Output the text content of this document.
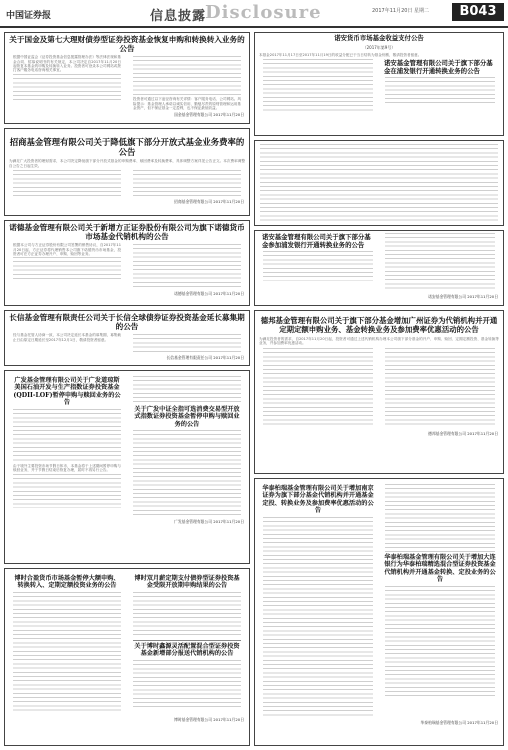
中国证券报	信息披露
Disclosure	2017年11月20日 星期二	B043
关于国金及第七大理财债券型证券投资基金恢复申购和转换转入业务的公告

根据中国证监会《证券投资基金信息披露管理办法》等法律法规和基金合同、招募说明书的有关规定，本公司决定自2017年11月20日起恢复本基金的申购及转换转入业务。投资者可登录本公司网站或拨打客户服务电话咨询相关事宜。

投资者可通过以下途径咨询有关详情：客户服务电话、公司网站。风险提示：基金管理人承诺以诚实信用、勤勉尽责的原则管理和运用基金资产，但不保证基金一定盈利，也不保证最低收益。

国金基金管理有限公司 2017年11月20日
招商基金管理有限公司关于降低旗下部分开放式基金业务费率的公告

为满足广大投资者的理财需求，本公司决定降低旗下部分开放式基金的申购费率、赎回费率及转换费率，具体调整方案详见公告正文。本次费率调整自公告之日起生效。

招商基金管理有限公司 2017年11月20日
诺德基金管理有限公司关于新增方正证券股份有限公司为旗下诺德货币市场基金代销机构的公告

根据本公司与方正证券股份有限公司签署的销售协议，自2017年11月20日起，方正证券将代理销售本公司旗下诺德货币市场基金，投资者可在方正证券办理开户、申购、赎回等业务。

诺德基金管理有限公司 2017年11月20日
诺安货币市场基金收益支付公告
（2017年第9号）

本基金2017年11月17日至2017年11月19日的收益分配已于当日结转为基金份额，敬请投资者留意。

诺安基金管理有限公司关于旗下部分基金在浦发银行开通转换业务的公告
诺安基金管理有限公司关于旗下部分基金参加浦发银行开通转换业务的公告
诺安基金管理有限公司 2017年11月20日
长信基金管理有限责任公司关于长信全球债券证券投资基金延长募集期的公告

经与基金托管人协商一致，本公司决定延长本基金的募集期，募集截止日由原定日期延长至2017年12月1日，敬请投资者留意。

长信基金管理有限责任公司 2017年11月20日
德邦基金管理有限公司关于旗下部分基金增加广州证券为代销机构并开通定期定额申购业务、基金转换业务及参加费率优惠活动的公告

为满足投资者的需求，自2017年11月20日起，投资者可通过上述代销机构办理本公司旗下部分基金的开户、申购、赎回、定期定额投资、基金转换等业务，并参加费率优惠活动。

德邦基金管理有限公司 2017年11月20日
广发基金管理有限公司关于广发道琼斯美国石油开发与生产指数证券投资基金(QDII-LOF)暂停申购与赎回业务的公告

由于境外主要投资市场节假日休市，本基金将于上述期间暂停申购与赎回业务，并于节假日结束后恢复办理，届时不再另行公告。

关于广发中证全指可选消费交易型开放式指数证券投资基金暂停申购与赎回业务的公告
广发基金管理有限公司 2017年11月20日
华泰柏瑞基金管理有限公司关于增加南京证券为旗下部分基金代销机构并开通基金定投、转换业务及参加费率优惠活动的公告
华泰柏瑞基金管理有限公司关于增加大连银行为华泰柏瑞精选混合型证券投资基金代销机构并开通基金转换、定投业务的公告
华泰柏瑞基金管理有限公司 2017年11月20日
博时合盈货币市场基金暂停大额申购、转换转入、定期定额投资业务的公告
博时双月薪定期支付债券型证券投资基金受限开放期申购结果的公告
关于博时鑫源灵活配置混合型证券投资基金新增部分报送代销机构的公告
博时基金管理有限公司 2017年11月20日
